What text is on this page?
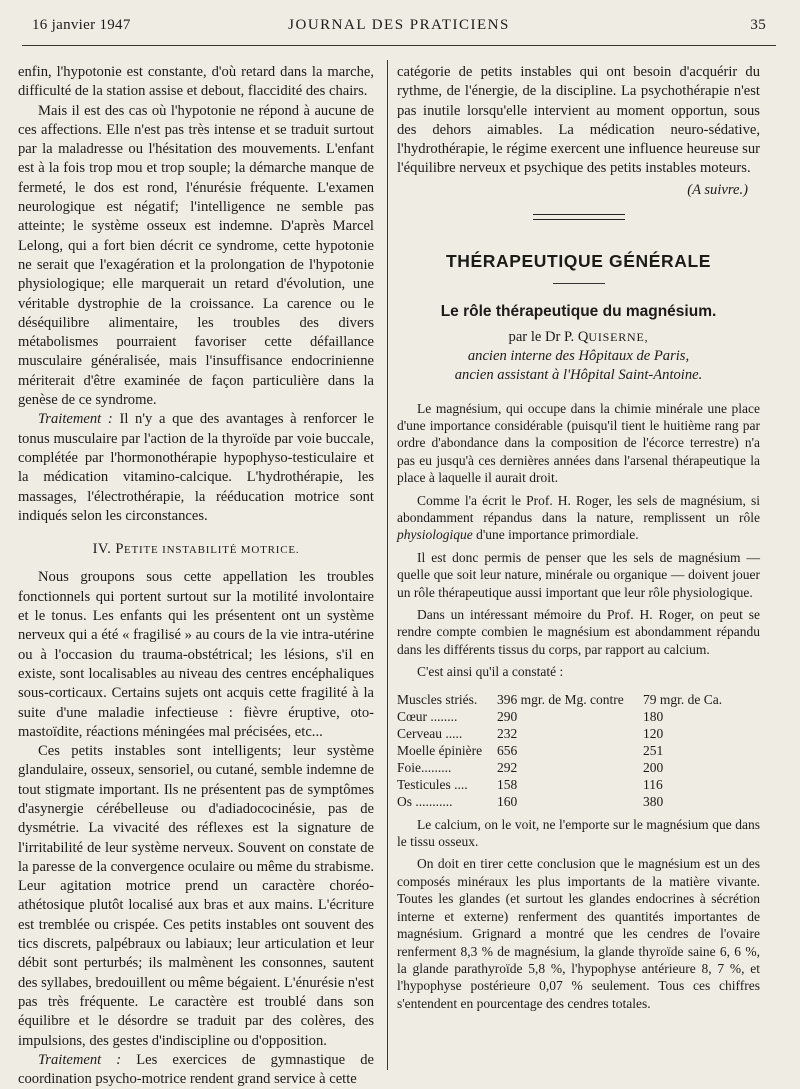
16 janvier 1947	JOURNAL DES PRATICIENS	35

enfin, l'hypotonie est constante, d'où retard dans la marche, difficulté de la station assise et debout, flaccidité des chairs.

Mais il est des cas où l'hypotonie ne répond à aucune de ces affections. Elle n'est pas très intense et se traduit surtout par la maladresse ou l'hésitation des mouvements. L'enfant est à la fois trop mou et trop souple; la démarche manque de fermeté, le dos est rond, l'énurésie fréquente. L'examen neurologique est négatif; l'intelligence ne semble pas atteinte; le système osseux est indemne. D'après Marcel Lelong, qui a fort bien décrit ce syndrome, cette hypotonie ne serait que l'exagération et la prolongation de l'hypotonie physiologique; elle marquerait un retard d'évolution, une véritable dystrophie de la croissance. La carence ou le déséquilibre alimentaire, les troubles des divers métabolismes pourraient favoriser cette défaillance musculaire généralisée, mais l'insuffisance endocrinienne mériterait d'être examinée de façon particulière dans la genèse de ce syndrome.

Traitement : Il n'y a que des avantages à renforcer le tonus musculaire par l'action de la thyroïde par voie buccale, complétée par l'hormonothérapie hypophyso-testiculaire et la médication vitamino-calcique. L'hydrothérapie, les massages, l'électrothérapie, la rééducation motrice sont indiqués selon les circonstances.

IV. PETITE INSTABILITÉ MOTRICE.

Nous groupons sous cette appellation les troubles fonctionnels qui portent surtout sur la motilité involontaire et le tonus. Les enfants qui les présentent ont un système nerveux qui a été « fragilisé » au cours de la vie intra-utérine ou à l'occasion du trauma-obstétrical; les lésions, s'il en existe, sont localisables au niveau des centres encéphaliques sous-corticaux. Certains sujets ont acquis cette fragilité à la suite d'une maladie infectieuse : fièvre éruptive, oto-mastoïdite, réactions méningées mal précisées, etc...

Ces petits instables sont intelligents; leur système glandulaire, osseux, sensoriel, ou cutané, semble indemne de tout stigmate important. Ils ne présentent pas de symptômes d'asynergie cérébelleuse ou d'adiadococinésie, pas de dysmétrie. La vivacité des réflexes est la signature de l'irritabilité de leur système nerveux. Souvent on constate de la paresse de la convergence oculaire ou même du strabisme. Leur agitation motrice prend un caractère choréo-athétosique plutôt localisé aux bras et aux mains. L'écriture est tremblée ou crispée. Ces petits instables ont souvent des tics discrets, palpébraux ou labiaux; leur articulation et leur débit sont perturbés; ils malmènent les consonnes, sautent des syllabes, bredouillent ou même bégaient. L'énurésie n'est pas très fréquente. Le caractère est troublé dans son équilibre et le désordre se traduit par des colères, des impulsions, des gestes d'indiscipline ou d'opposition.

Traitement : Les exercices de gymnastique de coordination psycho-motrice rendent grand service à cette

catégorie de petits instables qui ont besoin d'acquérir du rythme, de l'énergie, de la discipline. La psychothérapie n'est pas inutile lorsqu'elle intervient au moment opportun, sous des dehors aimables. La médication neuro-sédative, l'hydrothérapie, le régime exercent une influence heureuse sur l'équilibre nerveux et psychique des petits instables moteurs.

(A suivre.)

THÉRAPEUTIQUE GÉNÉRALE

Le rôle thérapeutique du magnésium.

par le Dr P. QUISERNE,

ancien interne des Hôpitaux de Paris,

ancien assistant à l'Hôpital Saint-Antoine.

Le magnésium, qui occupe dans la chimie minérale une place d'une importance considérable (puisqu'il tient le huitième rang par ordre d'abondance dans la composition de l'écorce terrestre) n'a pas eu jusqu'à ces dernières années dans l'arsenal thérapeutique la place à laquelle il aurait droit.

Comme l'a écrit le Prof. H. Roger, les sels de magnésium, si abondamment répandus dans la nature, remplissent un rôle physiologique d'une importance primordiale.

Il est donc permis de penser que les sels de magnésium — quelle que soit leur nature, minérale ou organique — doivent jouer un rôle thérapeutique aussi important que leur rôle physiologique.

Dans un intéressant mémoire du Prof. H. Roger, on peut se rendre compte combien le magnésium est abondamment répandu dans les différents tissus du corps, par rapport au calcium.

C'est ainsi qu'il a constaté :

Muscles striés.	396 mgr. de Mg. contre	79 mgr. de Ca.
Cœur ........	290	180
Cerveau .....	232	120
Moelle épinière	656	251
Foie.........	292	200
Testicules ....	158	116
Os ...........	160	380

Le calcium, on le voit, ne l'emporte sur le magnésium que dans le tissu osseux.

On doit en tirer cette conclusion que le magnésium est un des composés minéraux les plus importants de la matière vivante. Toutes les glandes (et surtout les glandes endocrines à sécrétion interne et externe) renferment des quantités importantes de magnésium. Grignard a montré que les cendres de l'ovaire renferment 8,3 % de magnésium, la glande thyroïde saine 6, 6 %, la glande parathyroïde 5,8 %, l'hypophyse antérieure 8, 7 %, et l'hypophyse postérieure 0,07 % seulement. Tous ces chiffres s'entendent en pourcentage des cendres totales.
